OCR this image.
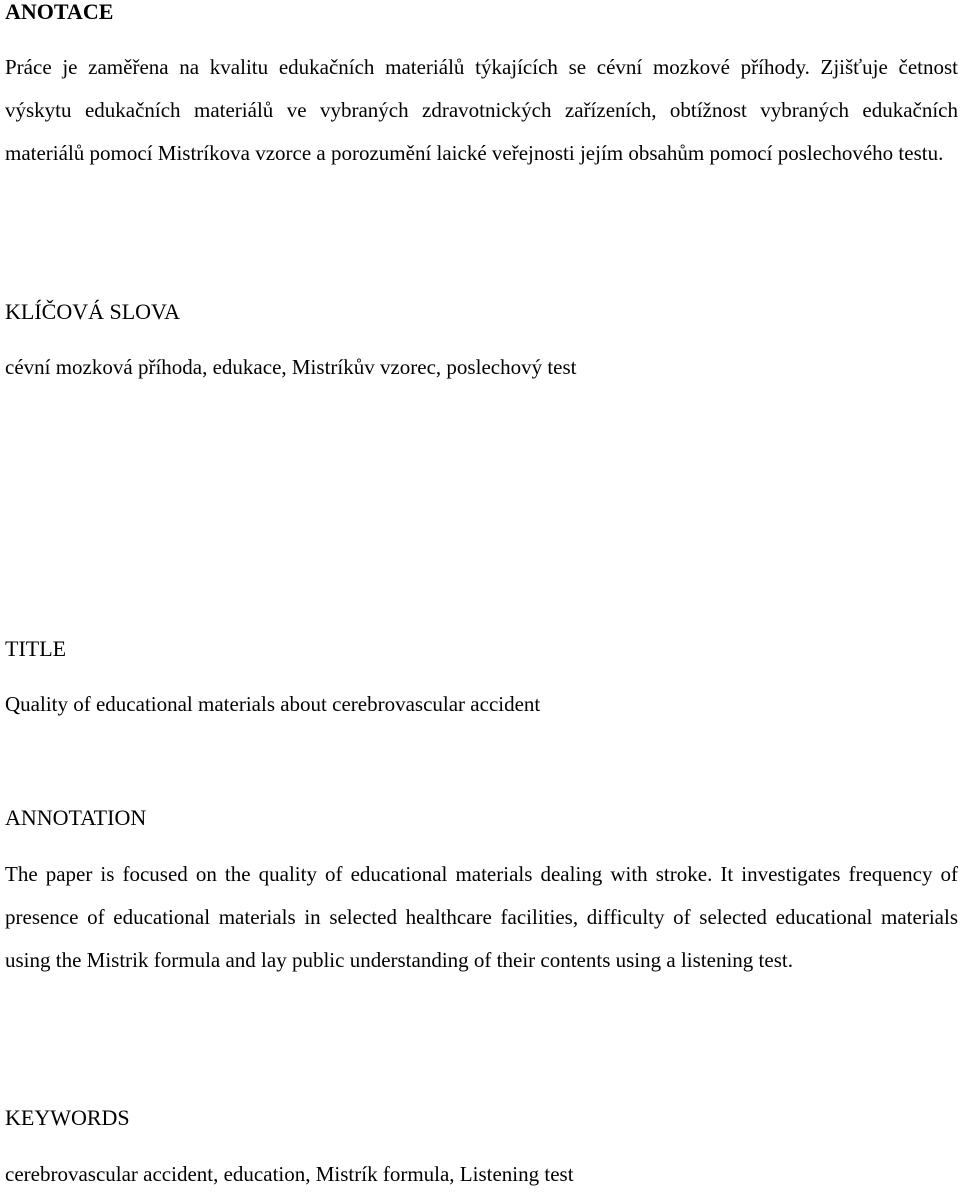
ANOTACE

Práce je zaměřena na kvalitu edukačních materiálů týkajících se cévní mozkové příhody. Zjišťuje četnost výskytu edukačních materiálů ve vybraných zdravotnických zařízeních, obtížnost vybraných edukačních materiálů pomocí Mistríkova vzorce a porozumění laické veřejnosti jejím obsahům pomocí poslechového testu.

KLÍČOVÁ SLOVA

cévní mozková příhoda, edukace, Mistríkův vzorec, poslechový test

TITLE

Quality of educational materials about cerebrovascular accident

ANNOTATION

The paper is focused on the quality of educational materials dealing with stroke. It investigates frequency of presence of educational materials in selected healthcare facilities, difficulty of selected educational materials using the Mistrik formula and lay public understanding of their contents using a listening test.

KEYWORDS

cerebrovascular accident, education, Mistrík formula, Listening test
